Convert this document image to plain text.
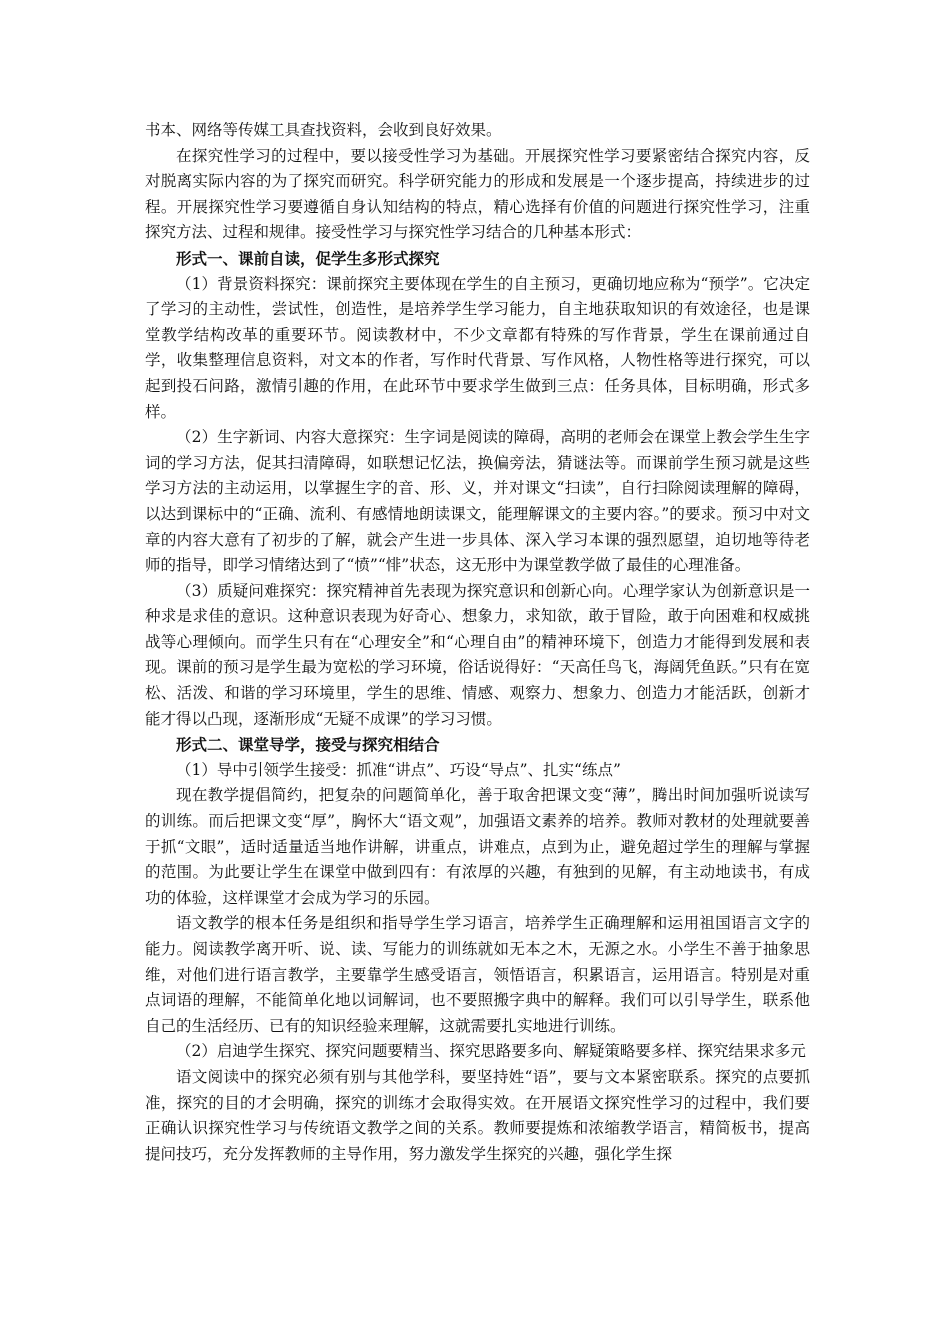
书本、网络等传媒工具查找资料，会收到良好效果。

在探究性学习的过程中，要以接受性学习为基础。开展探究性学习要紧密结合探究内容，反对脱离实际内容的为了探究而研究。科学研究能力的形成和发展是一个逐步提高，持续进步的过程。开展探究性学习要遵循自身认知结构的特点，精心选择有价值的问题进行探究性学习，注重探究方法、过程和规律。接受性学习与探究性学习结合的几种基本形式：

形式一、课前自读，促学生多形式探究

（1）背景资料探究：课前探究主要体现在学生的自主预习，更确切地应称为“预学”。它决定了学习的主动性，尝试性，创造性，是培养学生学习能力，自主地获取知识的有效途径，也是课堂教学结构改革的重要环节。阅读教材中，不少文章都有特殊的写作背景，学生在课前通过自学，收集整理信息资料，对文本的作者，写作时代背景、写作风格，人物性格等进行探究，可以起到投石问路，激情引趣的作用，在此环节中要求学生做到三点：任务具体，目标明确，形式多样。

（2）生字新词、内容大意探究：生字词是阅读的障碍，高明的老师会在课堂上教会学生生字词的学习方法，促其扫清障碍，如联想记忆法，换偏旁法，猜谜法等。而课前学生预习就是这些学习方法的主动运用，以掌握生字的音、形、义，并对课文“扫读”，自行扫除阅读理解的障碍，以达到课标中的“正确、流利、有感情地朗读课文，能理解课文的主要内容。”的要求。预习中对文章的内容大意有了初步的了解，就会产生进一步具体、深入学习本课的强烈愿望，迫切地等待老师的指导，即学习情绪达到了“愤”“悱”状态，这无形中为课堂教学做了最佳的心理准备。

（3）质疑问难探究：探究精神首先表现为探究意识和创新心向。心理学家认为创新意识是一种求是求佳的意识。这种意识表现为好奇心、想象力，求知欲，敢于冒险，敢于向困难和权威挑战等心理倾向。而学生只有在“心理安全”和“心理自由”的精神环境下，创造力才能得到发展和表现。课前的预习是学生最为宽松的学习环境，俗话说得好：“天高任鸟飞，海阔凭鱼跃。”只有在宽松、活泼、和谐的学习环境里，学生的思维、情感、观察力、想象力、创造力才能活跃，创新才能才得以凸现，逐渐形成“无疑不成课”的学习习惯。

形式二、课堂导学，接受与探究相结合

（1）导中引领学生接受：抓准“讲点”、巧设“导点”、扎实“练点”

现在教学提倡简约，把复杂的问题简单化，善于取舍把课文变“薄”，腾出时间加强听说读写的训练。而后把课文变“厚”，胸怀大“语文观”，加强语文素养的培养。教师对教材的处理就要善于抓“文眼”，适时适量适当地作讲解，讲重点，讲难点，点到为止，避免超过学生的理解与掌握的范围。为此要让学生在课堂中做到四有：有浓厚的兴趣，有独到的见解，有主动地读书，有成功的体验，这样课堂才会成为学习的乐园。

语文教学的根本任务是组织和指导学生学习语言，培养学生正确理解和运用祖国语言文字的能力。阅读教学离开听、说、读、写能力的训练就如无本之木，无源之水。小学生不善于抽象思维，对他们进行语言教学，主要靠学生感受语言，领悟语言，积累语言，运用语言。特别是对重点词语的理解，不能简单化地以词解词，也不要照搬字典中的解释。我们可以引导学生，联系他自己的生活经历、已有的知识经验来理解，这就需要扎实地进行训练。

（2）启迪学生探究、探究问题要精当、探究思路要多向、解疑策略要多样、探究结果求多元

语文阅读中的探究必须有别与其他学科，要坚持姓“语”，要与文本紧密联系。探究的点要抓准，探究的目的才会明确，探究的训练才会取得实效。在开展语文探究性学习的过程中，我们要正确认识探究性学习与传统语文教学之间的关系。教师要提炼和浓缩教学语言，精简板书，提高提问技巧，充分发挥教师的主导作用，努力激发学生探究的兴趣，强化学生探
